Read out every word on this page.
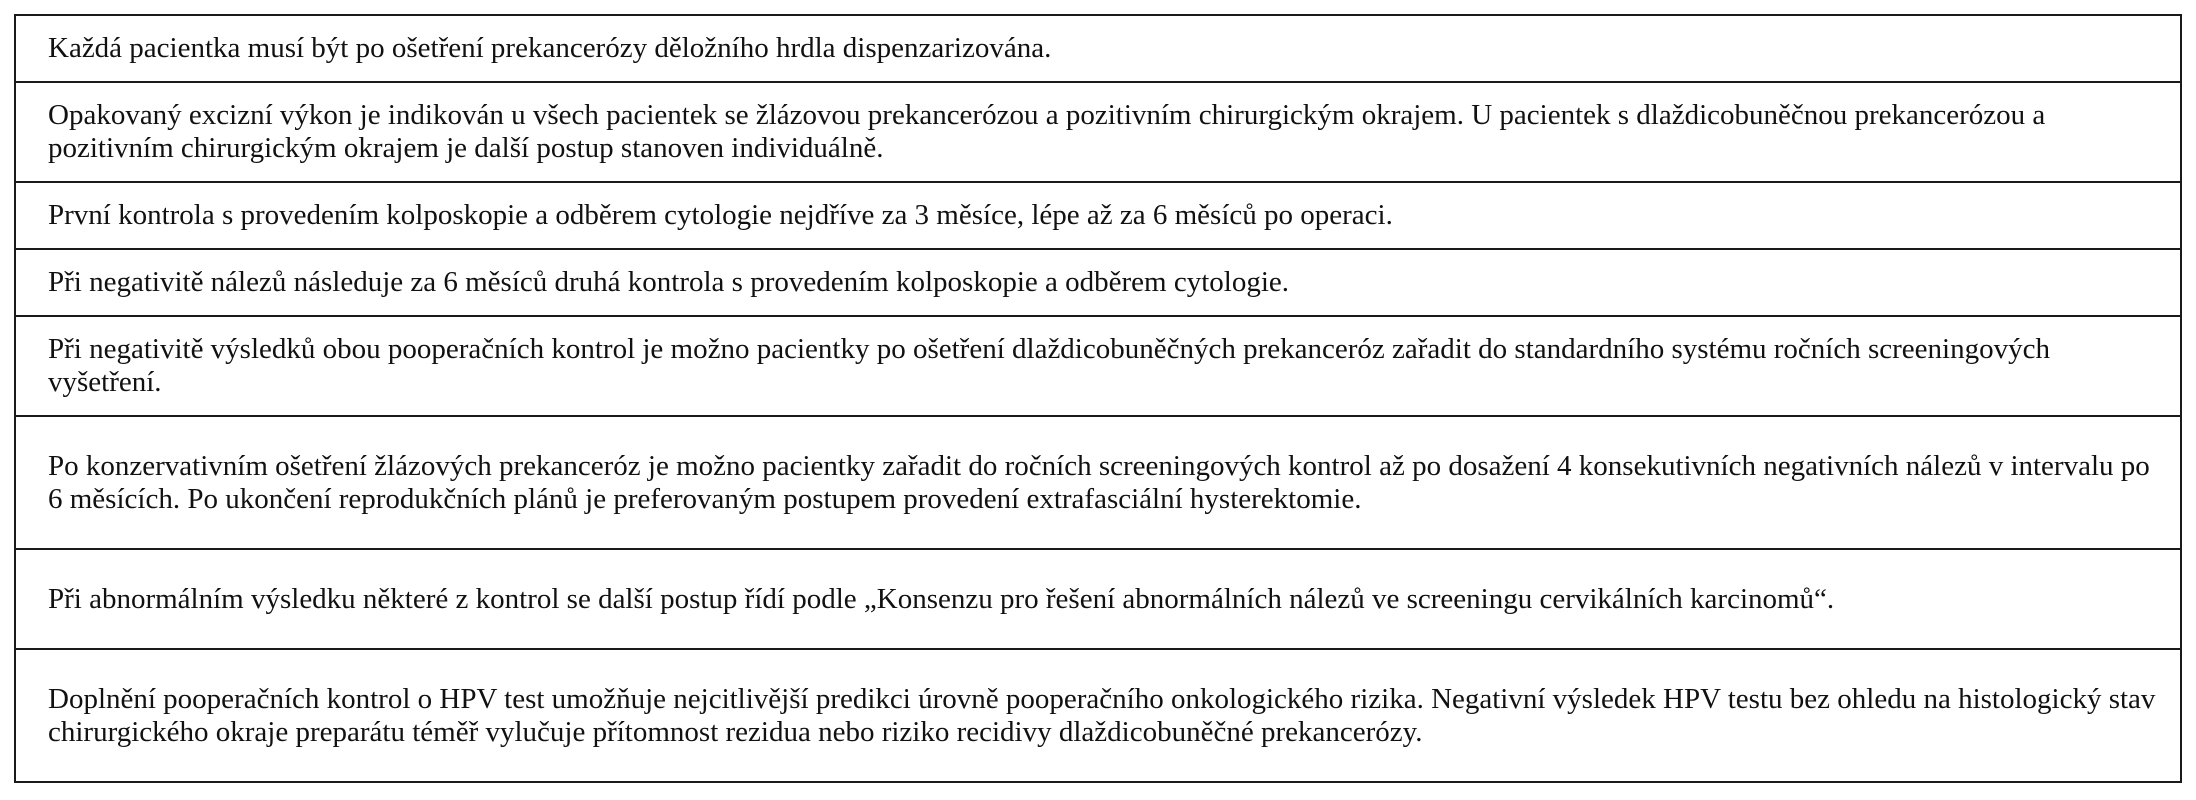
Každá pacientka musí být po ošetření prekancerózy děložního hrdla dispenzarizována.
Opakovaný excizní výkon je indikován u všech pacientek se žlázovou prekancerózou a pozitivním chirurgickým okrajem. U pacientek s dlaždicobuněčnou prekancerózou a pozitivním chirurgickým okrajem je další postup stanoven individuálně.
První kontrola s provedením kolposkopie a odběrem cytologie nejdříve za 3 měsíce, lépe až za 6 měsíců po operaci.
Při negativitě nálezů následuje za 6 měsíců druhá kontrola s provedením kolposkopie a odběrem cytologie.
Při negativitě výsledků obou pooperačních kontrol je možno pacientky po ošetření dlaždicobuněčných prekanceróz zařadit do standardního systému ročních screeningových vyšetření.
Po konzervativním ošetření žlázových prekanceróz je možno pacientky zařadit do ročních screeningových kontrol až po dosažení 4 konsekutivních negativních nálezů v intervalu po 6 měsících. Po ukončení reprodukčních plánů je preferovaným postupem provedení extrafasciální hysterektomie.
Při abnormálním výsledku některé z kontrol se další postup řídí podle „Konsenzu pro řešení abnormálních nálezů ve screeningu cervikálních karcinomů“.
Doplnění pooperačních kontrol o HPV test umožňuje nejcitlivější predikci úrovně pooperačního onkologického rizika. Negativní výsledek HPV testu bez ohledu na histologický stav chirurgického okraje preparátu téměř vylučuje přítomnost rezidua nebo riziko recidivy dlaždicobuněčné prekancerózy.
